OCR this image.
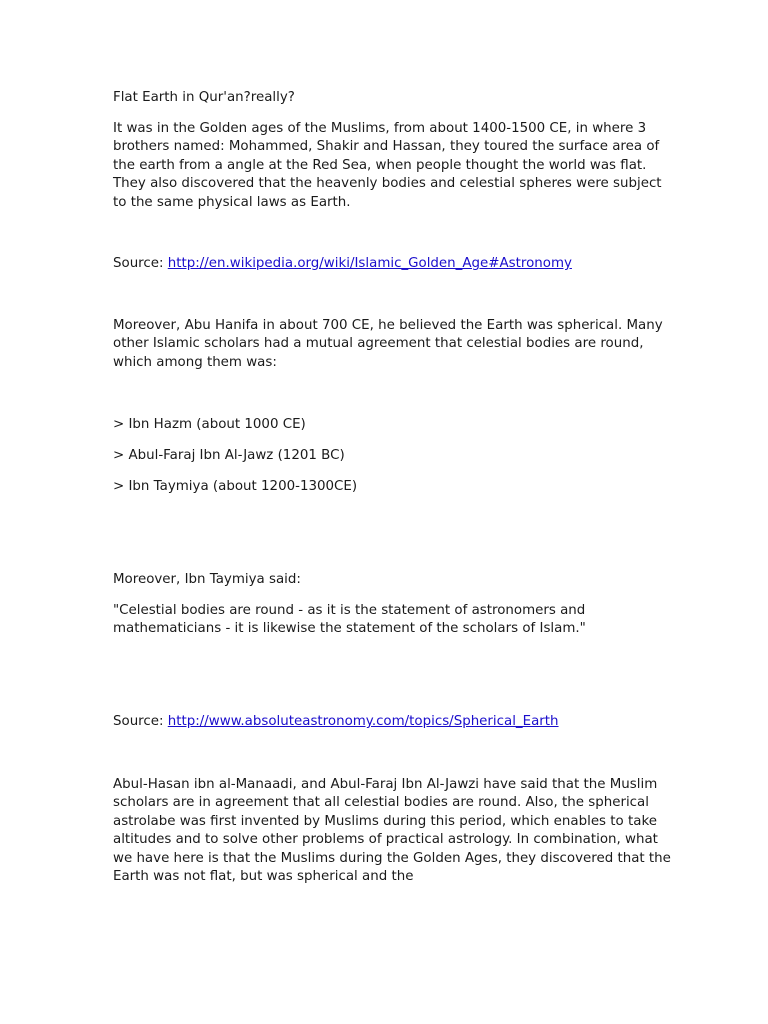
Flat Earth in Qur'an?really?

It was in the Golden ages of the Muslims, from about 1400-1500 CE, in where 3 brothers named: Mohammed, Shakir and Hassan, they toured the surface area of the earth from a angle at the Red Sea, when people thought the world was flat. They also discovered that the heavenly bodies and celestial spheres were subject to the same physical laws as Earth.

Source: http://en.wikipedia.org/wiki/Islamic_Golden_Age#Astronomy

Moreover, Abu Hanifa in about 700 CE, he believed the Earth was spherical. Many other Islamic scholars had a mutual agreement that celestial bodies are round, which among them was:

> Ibn Hazm (about 1000 CE)

> Abul-Faraj Ibn Al-Jawz (1201 BC)

> Ibn Taymiya (about 1200-1300CE)

Moreover, Ibn Taymiya said:

"Celestial bodies are round - as it is the statement of astronomers and mathematicians - it is likewise the statement of the scholars of Islam."

Source: http://www.absoluteastronomy.com/topics/Spherical_Earth

Abul-Hasan ibn al-Manaadi, and Abul-Faraj Ibn Al-Jawzi have said that the Muslim scholars are in agreement that all celestial bodies are round. Also, the spherical astrolabe was first invented by Muslims during this period, which enables to take altitudes and to solve other problems of practical astrology. In combination, what we have here is that the Muslims during the Golden Ages, they discovered that the Earth was not flat, but was spherical and the
